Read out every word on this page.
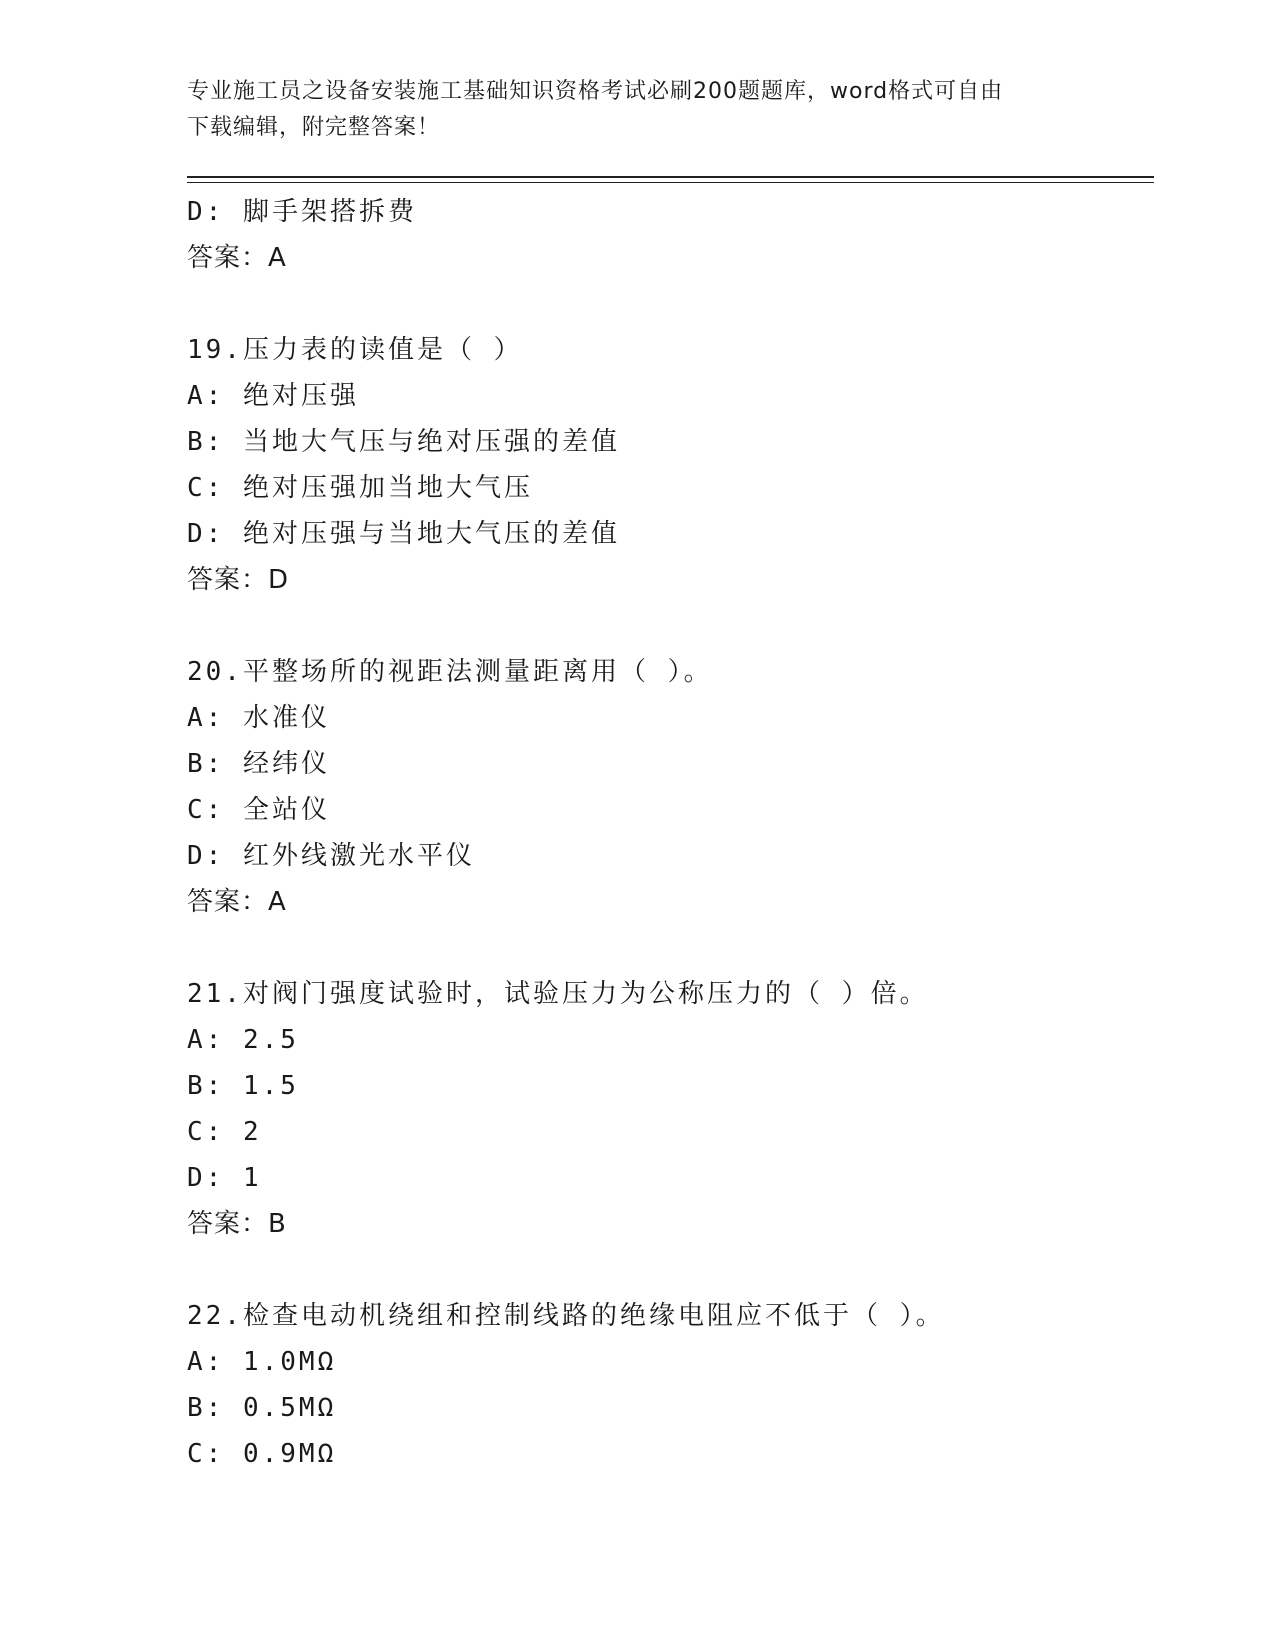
专业施工员之设备安装施工基础知识资格考试必刷200题题库，word格式可自由
下载编辑，附完整答案！
D: 脚手架搭拆费
答案：A
19.压力表的读值是（ ）
A: 绝对压强
B: 当地大气压与绝对压强的差值
C: 绝对压强加当地大气压
D: 绝对压强与当地大气压的差值
答案：D
20.平整场所的视距法测量距离用（ ）。
A: 水准仪
B: 经纬仪
C: 全站仪
D: 红外线激光水平仪
答案：A
21.对阀门强度试验时，试验压力为公称压力的（ ）倍。
A: 2.5
B: 1.5
C: 2
D: 1
答案：B
22.检查电动机绕组和控制线路的绝缘电阻应不低于（ ）。
A: 1.0MΩ
B: 0.5MΩ
C: 0.9MΩ
